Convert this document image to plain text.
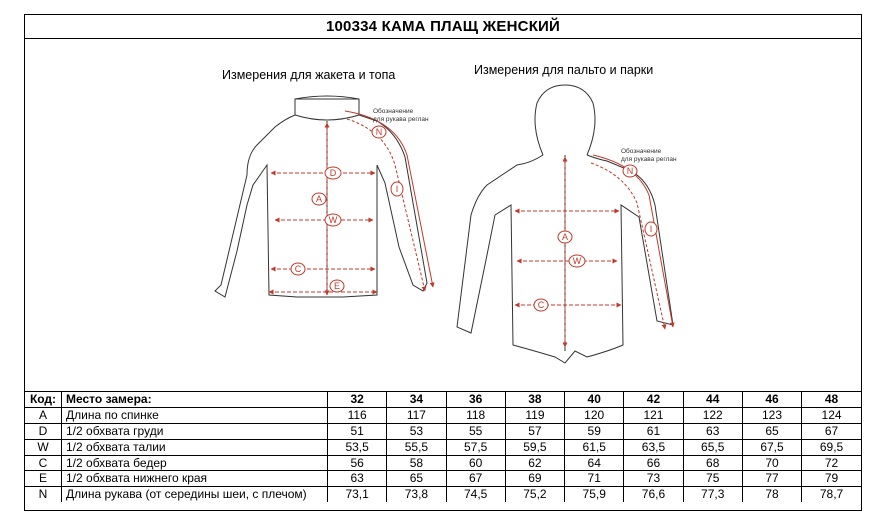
100334 КАМА ПЛАЩ ЖЕНСКИЙ
Измерения для жакета и топа	Измерения для пальто и парки
N
I
D
A
W
C
E
Обозначение
для рукава реглан
N
I
A
W
C
Обозначение
для рукава реглан
Код:	Место замера:	32	34	36	38	40	42	44	46	48
A	Длина по спинке	116	117	118	119	120	121	122	123	124
D	1/2 обхвата груди	51	53	55	57	59	61	63	65	67
W	1/2 обхвата талии	53,5	55,5	57,5	59,5	61,5	63,5	65,5	67,5	69,5
C	1/2 обхвата бедер	56	58	60	62	64	66	68	70	72
E	1/2 обхвата нижнего края	63	65	67	69	71	73	75	77	79
N	Длина рукава (от середины шеи, с плечом)	73,1	73,8	74,5	75,2	75,9	76,6	77,3	78	78,7
